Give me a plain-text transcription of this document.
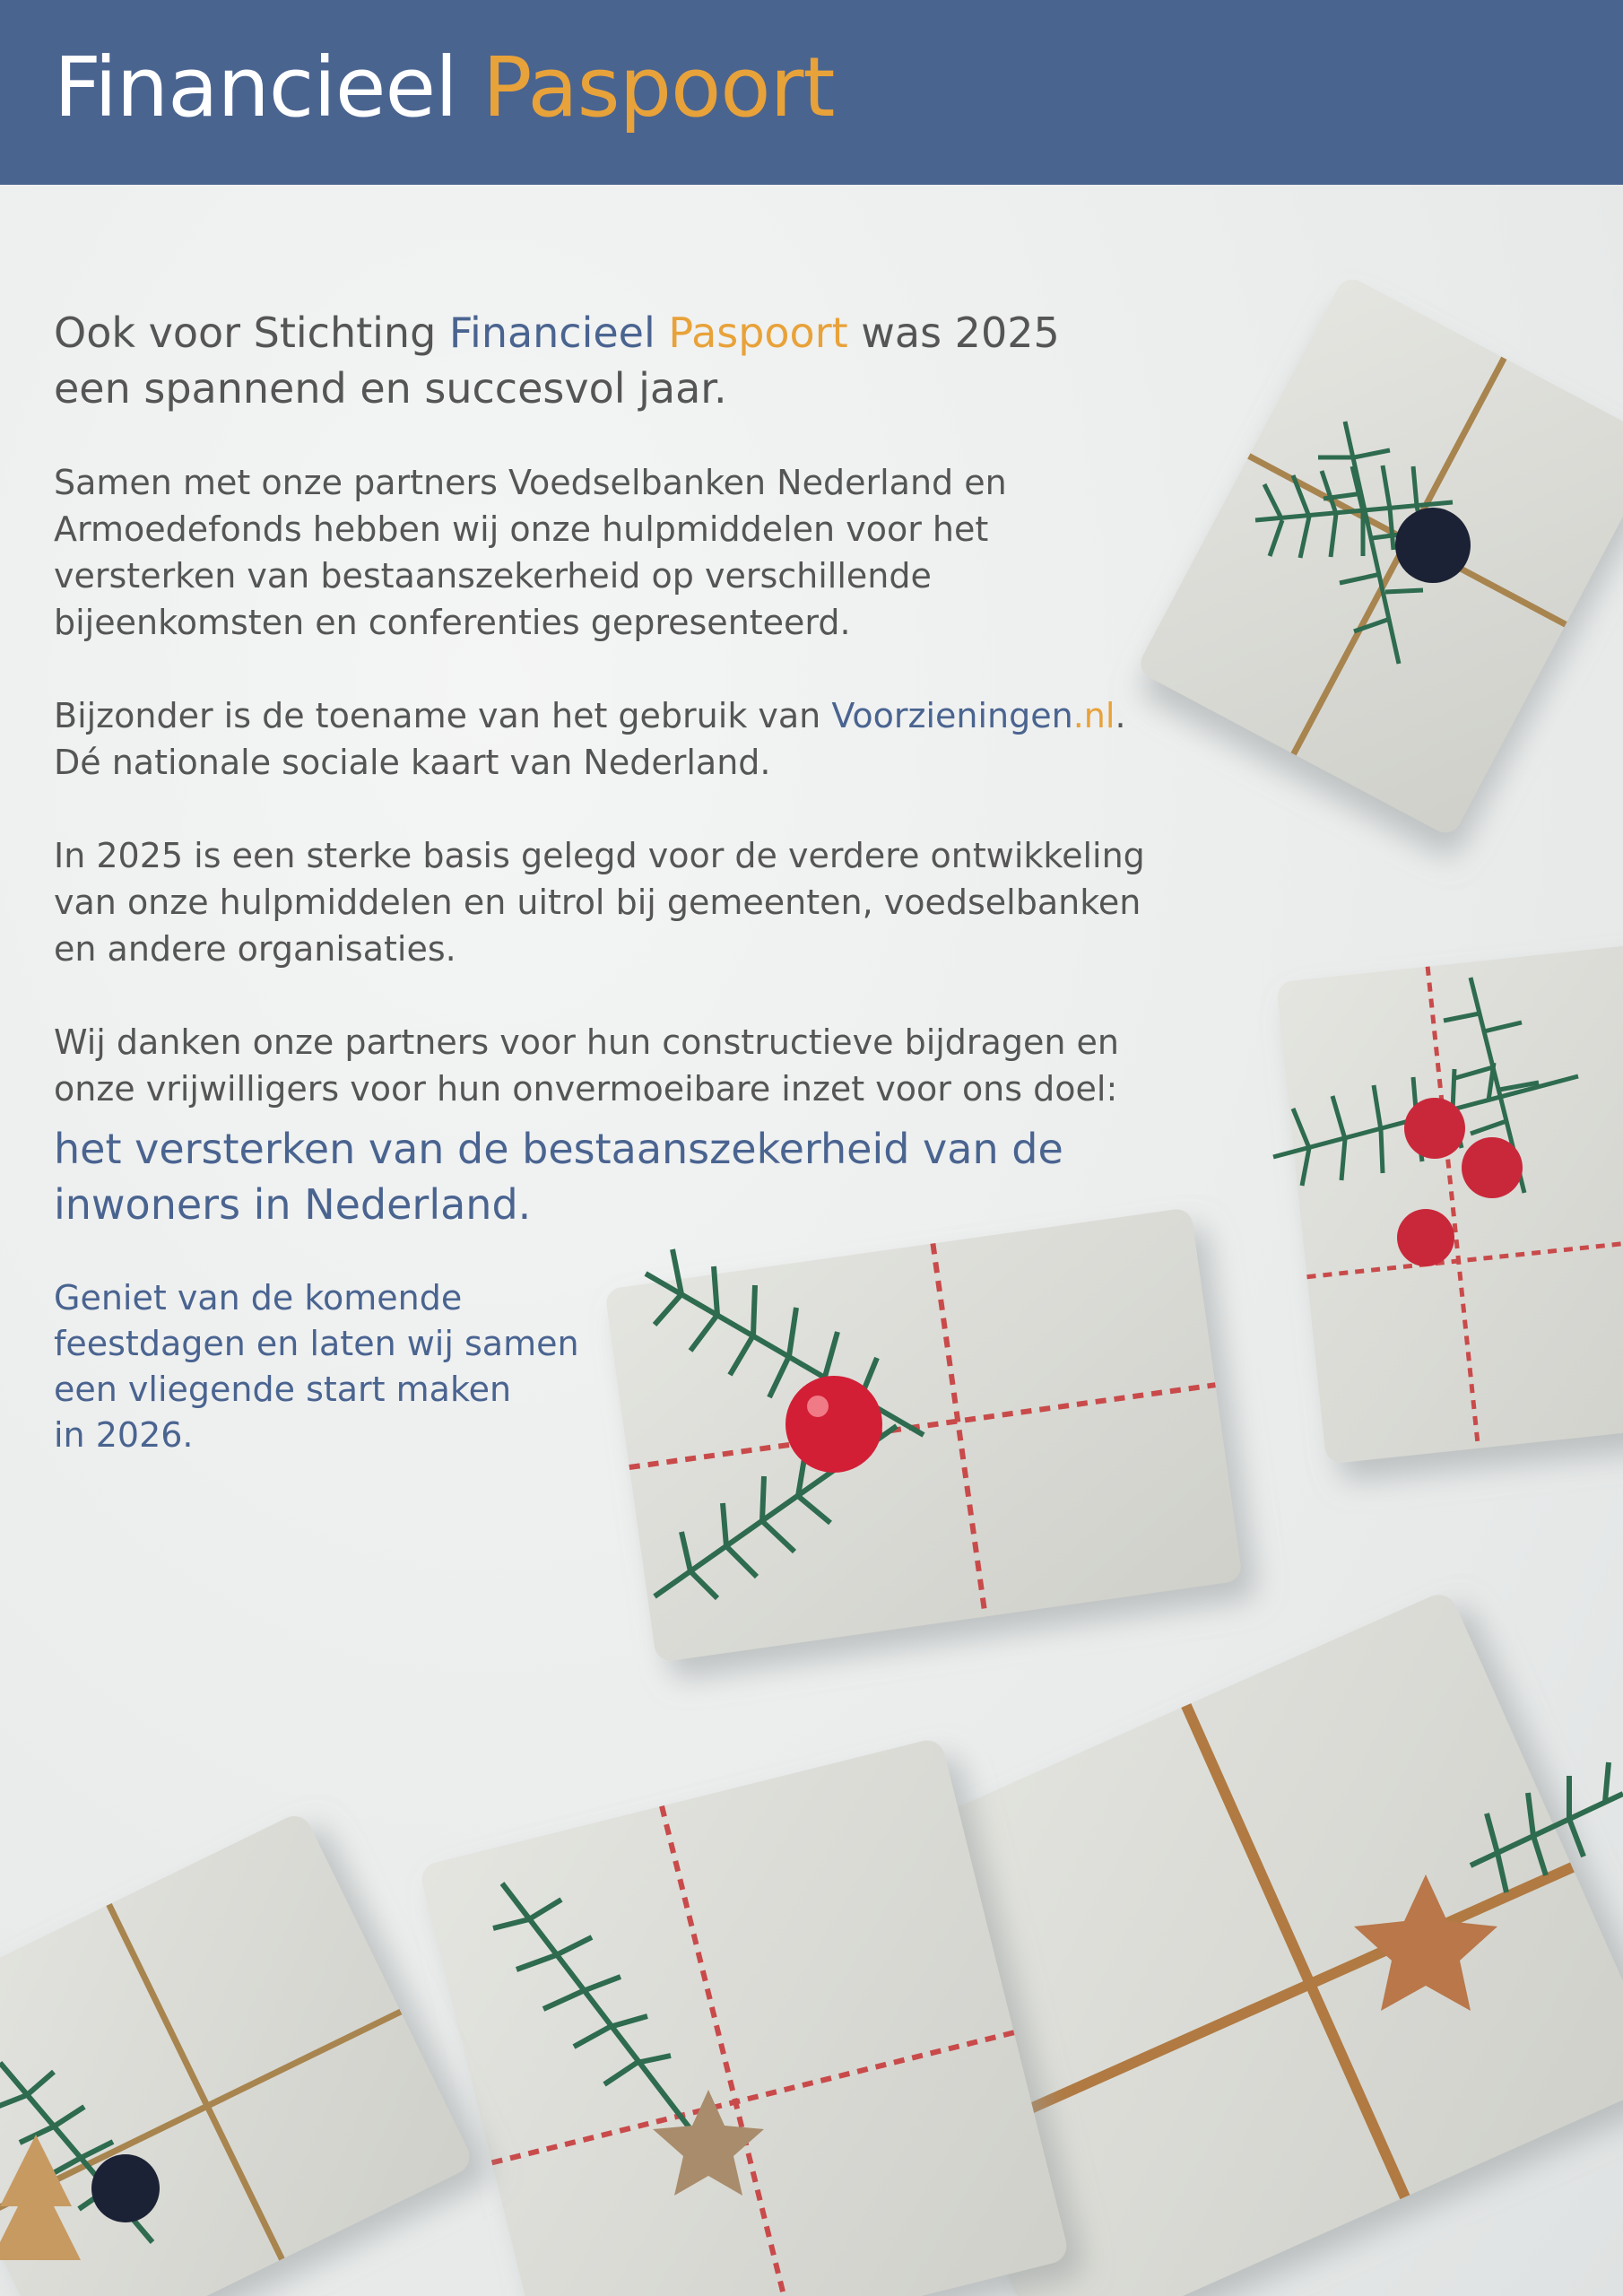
Financieel Paspoort
Ook voor Stichting Financieel Paspoort was 2025
een spannend en succesvol jaar.

Samen met onze partners Voedselbanken Nederland en
Armoedefonds hebben wij onze hulpmiddelen voor het
versterken van bestaanszekerheid op verschillende
bijeenkomsten en conferenties gepresenteerd.

Bijzonder is de toename van het gebruik van Voorzieningen.nl.
Dé nationale sociale kaart van Nederland.

In 2025 is een sterke basis gelegd voor de verdere ontwikkeling
van onze hulpmiddelen en uitrol bij gemeenten, voedselbanken
en andere organisaties.

Wij danken onze partners voor hun constructieve bijdragen en
onze vrijwilligers voor hun onvermoeibare inzet voor ons doel:

het versterken van de bestaanszekerheid van de
inwoners in Nederland.

Geniet van de komende
feestdagen en laten wij samen
een vliegende start maken
in 2026.
